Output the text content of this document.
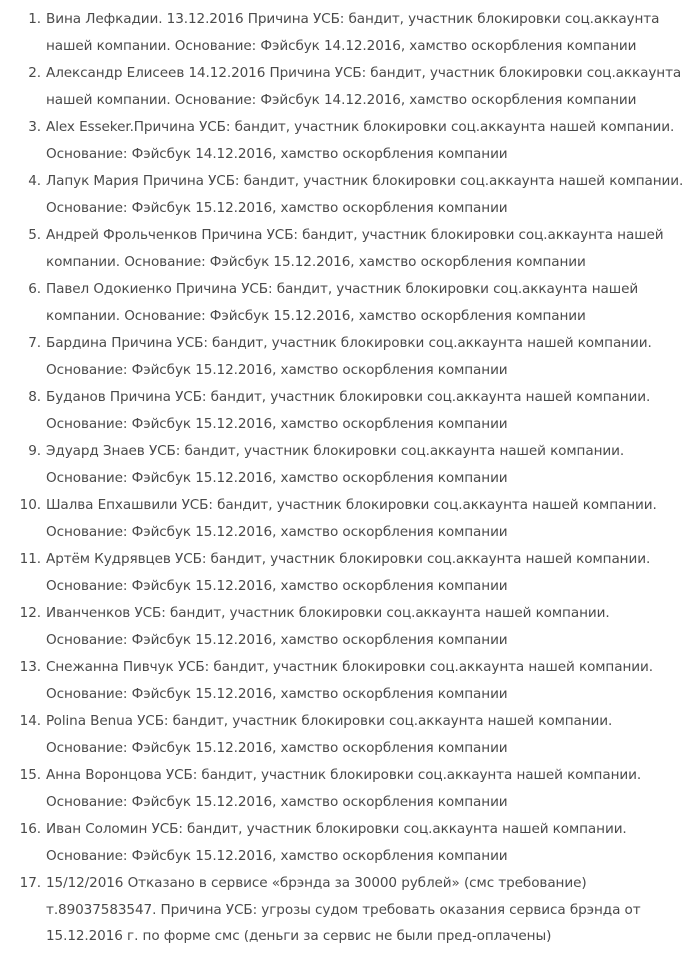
1. Вина Лефкадии. 13.12.2016 Причина УСБ: бандит, участник блокировки соц.аккаунта нашей компании. Основание: Фэйсбук 14.12.2016, хамство оскорбления компании
2. Александр Елисеев 14.12.2016 Причина УСБ: бандит, участник блокировки соц.аккаунта нашей компании. Основание: Фэйсбук 14.12.2016, хамство оскорбления компании
3. Alex Esseker.Причина УСБ: бандит, участник блокировки соц.аккаунта нашей компании. Основание: Фэйсбук 14.12.2016, хамство оскорбления компании
4. Лапук Мария Причина УСБ: бандит, участник блокировки соц.аккаунта нашей компании. Основание: Фэйсбук 15.12.2016, хамство оскорбления компании
5. Андрей Фрольченков Причина УСБ: бандит, участник блокировки соц.аккаунта нашей компании. Основание: Фэйсбук 15.12.2016, хамство оскорбления компании
6. Павел Одокиенко Причина УСБ: бандит, участник блокировки соц.аккаунта нашей компании. Основание: Фэйсбук 15.12.2016, хамство оскорбления компании
7. Бардина Причина УСБ: бандит, участник блокировки соц.аккаунта нашей компании. Основание: Фэйсбук 15.12.2016, хамство оскорбления компании
8. Буданов Причина УСБ: бандит, участник блокировки соц.аккаунта нашей компании. Основание: Фэйсбук 15.12.2016, хамство оскорбления компании
9. Эдуард Знаев УСБ: бандит, участник блокировки соц.аккаунта нашей компании. Основание: Фэйсбук 15.12.2016, хамство оскорбления компании
10. Шалва Епхашвили УСБ: бандит, участник блокировки соц.аккаунта нашей компании. Основание: Фэйсбук 15.12.2016, хамство оскорбления компании
11. Артём Кудрявцев УСБ: бандит, участник блокировки соц.аккаунта нашей компании. Основание: Фэйсбук 15.12.2016, хамство оскорбления компании
12. Иванченков УСБ: бандит, участник блокировки соц.аккаунта нашей компании. Основание: Фэйсбук 15.12.2016, хамство оскорбления компании
13. Снежанна Пивчук УСБ: бандит, участник блокировки соц.аккаунта нашей компании. Основание: Фэйсбук 15.12.2016, хамство оскорбления компании
14. Polina Benua УСБ: бандит, участник блокировки соц.аккаунта нашей компании. Основание: Фэйсбук 15.12.2016, хамство оскорбления компании
15. Анна Воронцова УСБ: бандит, участник блокировки соц.аккаунта нашей компании. Основание: Фэйсбук 15.12.2016, хамство оскорбления компании
16. Иван Соломин УСБ: бандит, участник блокировки соц.аккаунта нашей компании. Основание: Фэйсбук 15.12.2016, хамство оскорбления компании
17. 15/12/2016 Отказано в сервисе «брэнда за 30000 рублей» (смс требование) т.89037583547. Причина УСБ: угрозы судом требовать оказания сервиса брэнда от 15.12.2016 г. по форме смс (деньги за сервис не были пред-оплачены)
